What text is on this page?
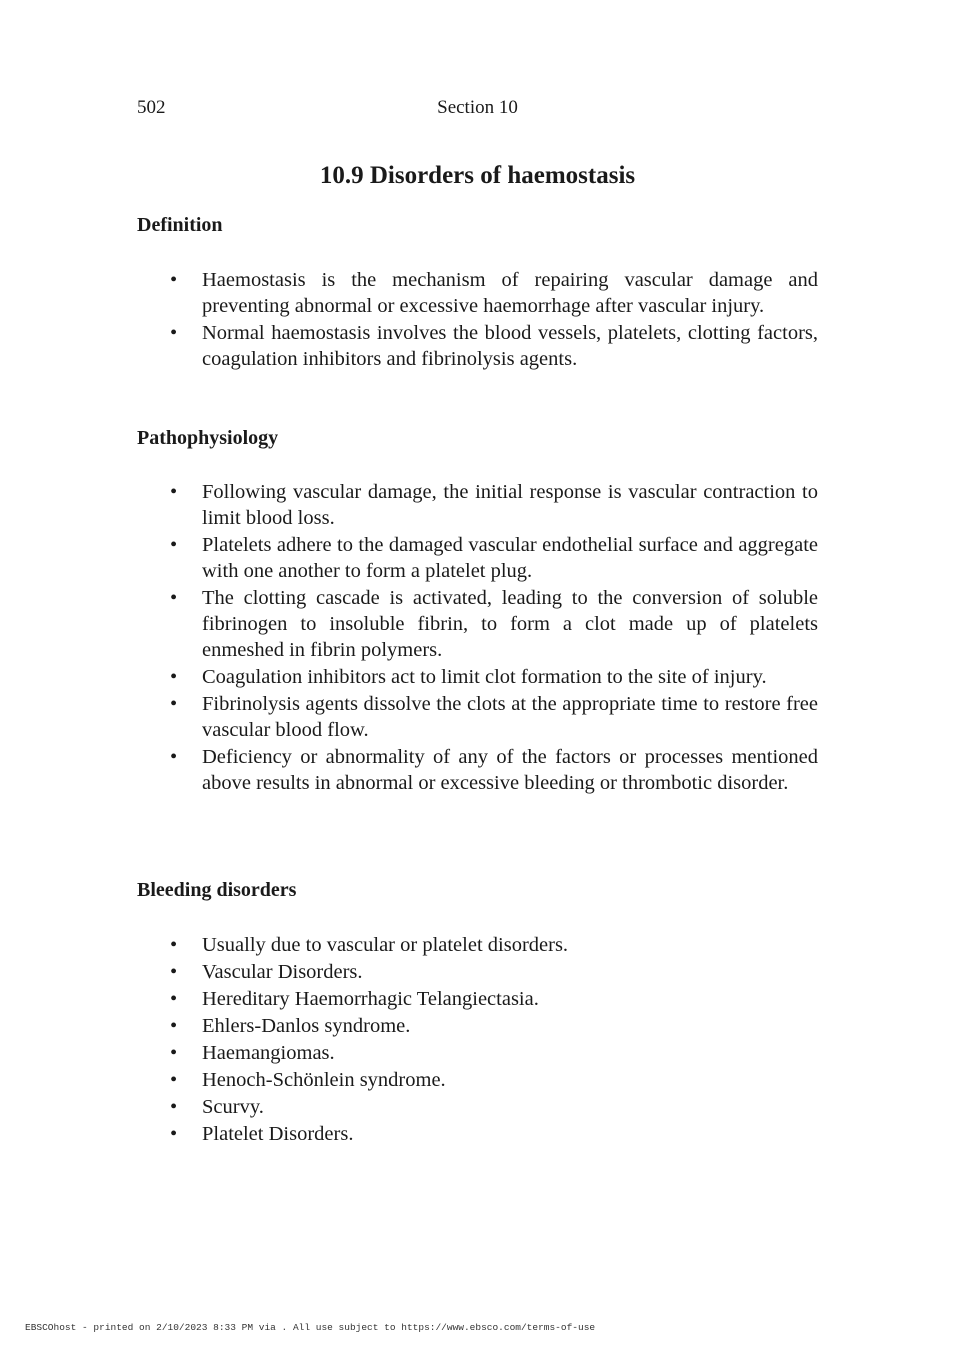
502	Section 10
10.9 Disorders of haemostasis
Definition
• Haemostasis is the mechanism of repairing vascular damage and preventing abnormal or excessive haemorrhage after vascular injury.
• Normal haemostasis involves the blood vessels, platelets, clotting factors, coagulation inhibitors and fibrinolysis agents.
Pathophysiology
• Following vascular damage, the initial response is vascular contraction to limit blood loss.
• Platelets adhere to the damaged vascular endothelial surface and aggregate with one another to form a platelet plug.
• The clotting cascade is activated, leading to the conversion of soluble fibrinogen to insoluble fibrin, to form a clot made up of platelets enmeshed in fibrin polymers.
• Coagulation inhibitors act to limit clot formation to the site of injury.
• Fibrinolysis agents dissolve the clots at the appropriate time to restore free vascular blood flow.
• Deficiency or abnormality of any of the factors or processes mentioned above results in abnormal or excessive bleeding or thrombotic disorder.
Bleeding disorders
• Usually due to vascular or platelet disorders.
• Vascular Disorders.
• Hereditary Haemorrhagic Telangiectasia.
• Ehlers-Danlos syndrome.
• Haemangiomas.
• Henoch-Schönlein syndrome.
• Scurvy.
• Platelet Disorders.
EBSCOhost - printed on 2/10/2023 8:33 PM via . All use subject to https://www.ebsco.com/terms-of-use
